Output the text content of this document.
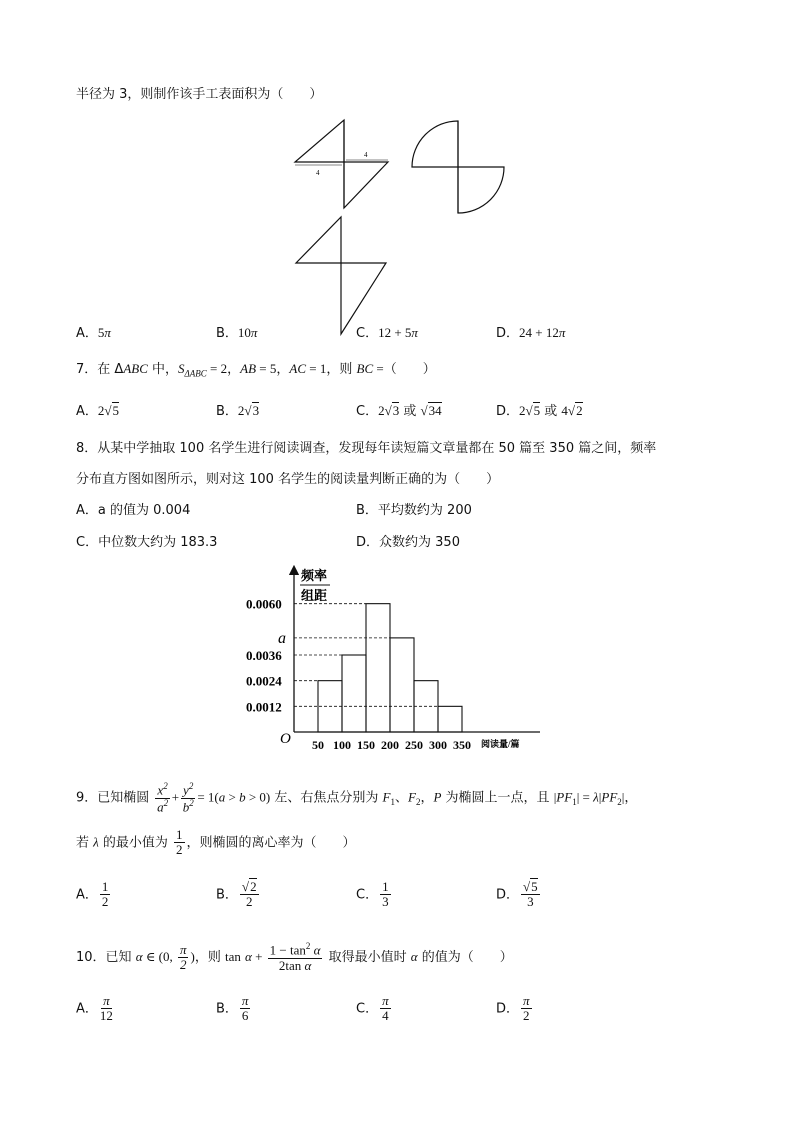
半径为 3，则制作该手工表面积为（　　）
4
4
A．5π	B．10π	C．12 + 5π	D．24 + 12π
7．在 ΔABC 中，$S_{\Delta ABC} = 2$，AB = 5，AC = 1，则 BC =（　　）
A．2√5	B．2√3	C．2√3 或 √34	D．2√5 或 4√2
8．从某中学抽取 100 名学生进行阅读调查，发现每年读短篇文章量都在 50 篇至 350 篇之间，频率
分布直方图如图所示，则对这 100 名学生的阅读量判断正确的为（　　）
A．a 的值为 0.004	B．平均数约为 200
C．中位数大约为 183.3	D．众数约为 350
频率
组距
O	阅读量/篇
0.0060
a
0.0036
0.0024
0.0012
50 100 150 200 250 300 350
9．已知椭圆 $\frac{x^2}{a^2} + \frac{y^2}{b^2} = 1(a > b > 0)$ 左、右焦点分别为 $F_1$、$F_2$，P 为椭圆上一点，且 $|PF_1| = \lambda|PF_2|$，
若 λ 的最小值为 $\frac{1}{2}$ ，则椭圆的离心率为（　　）
A． $\frac{1}{2}$	B． $\frac{√2}{2}$	C． $\frac{1}{3}$	D． $\frac{√5}{3}$
10．已知 α ∈ (0, $\frac{\pi}{2}$ )，则 $\tan \alpha + \frac{1 - \tan^2 \alpha}{\text{2tan α}}$ 取得最小值时 α 的值为（　　）
A． $\frac{\pi}{12}$	B． $\frac{\pi}{6}$	C． $\frac{\pi}{4}$	D． $\frac{\pi}{2}$
